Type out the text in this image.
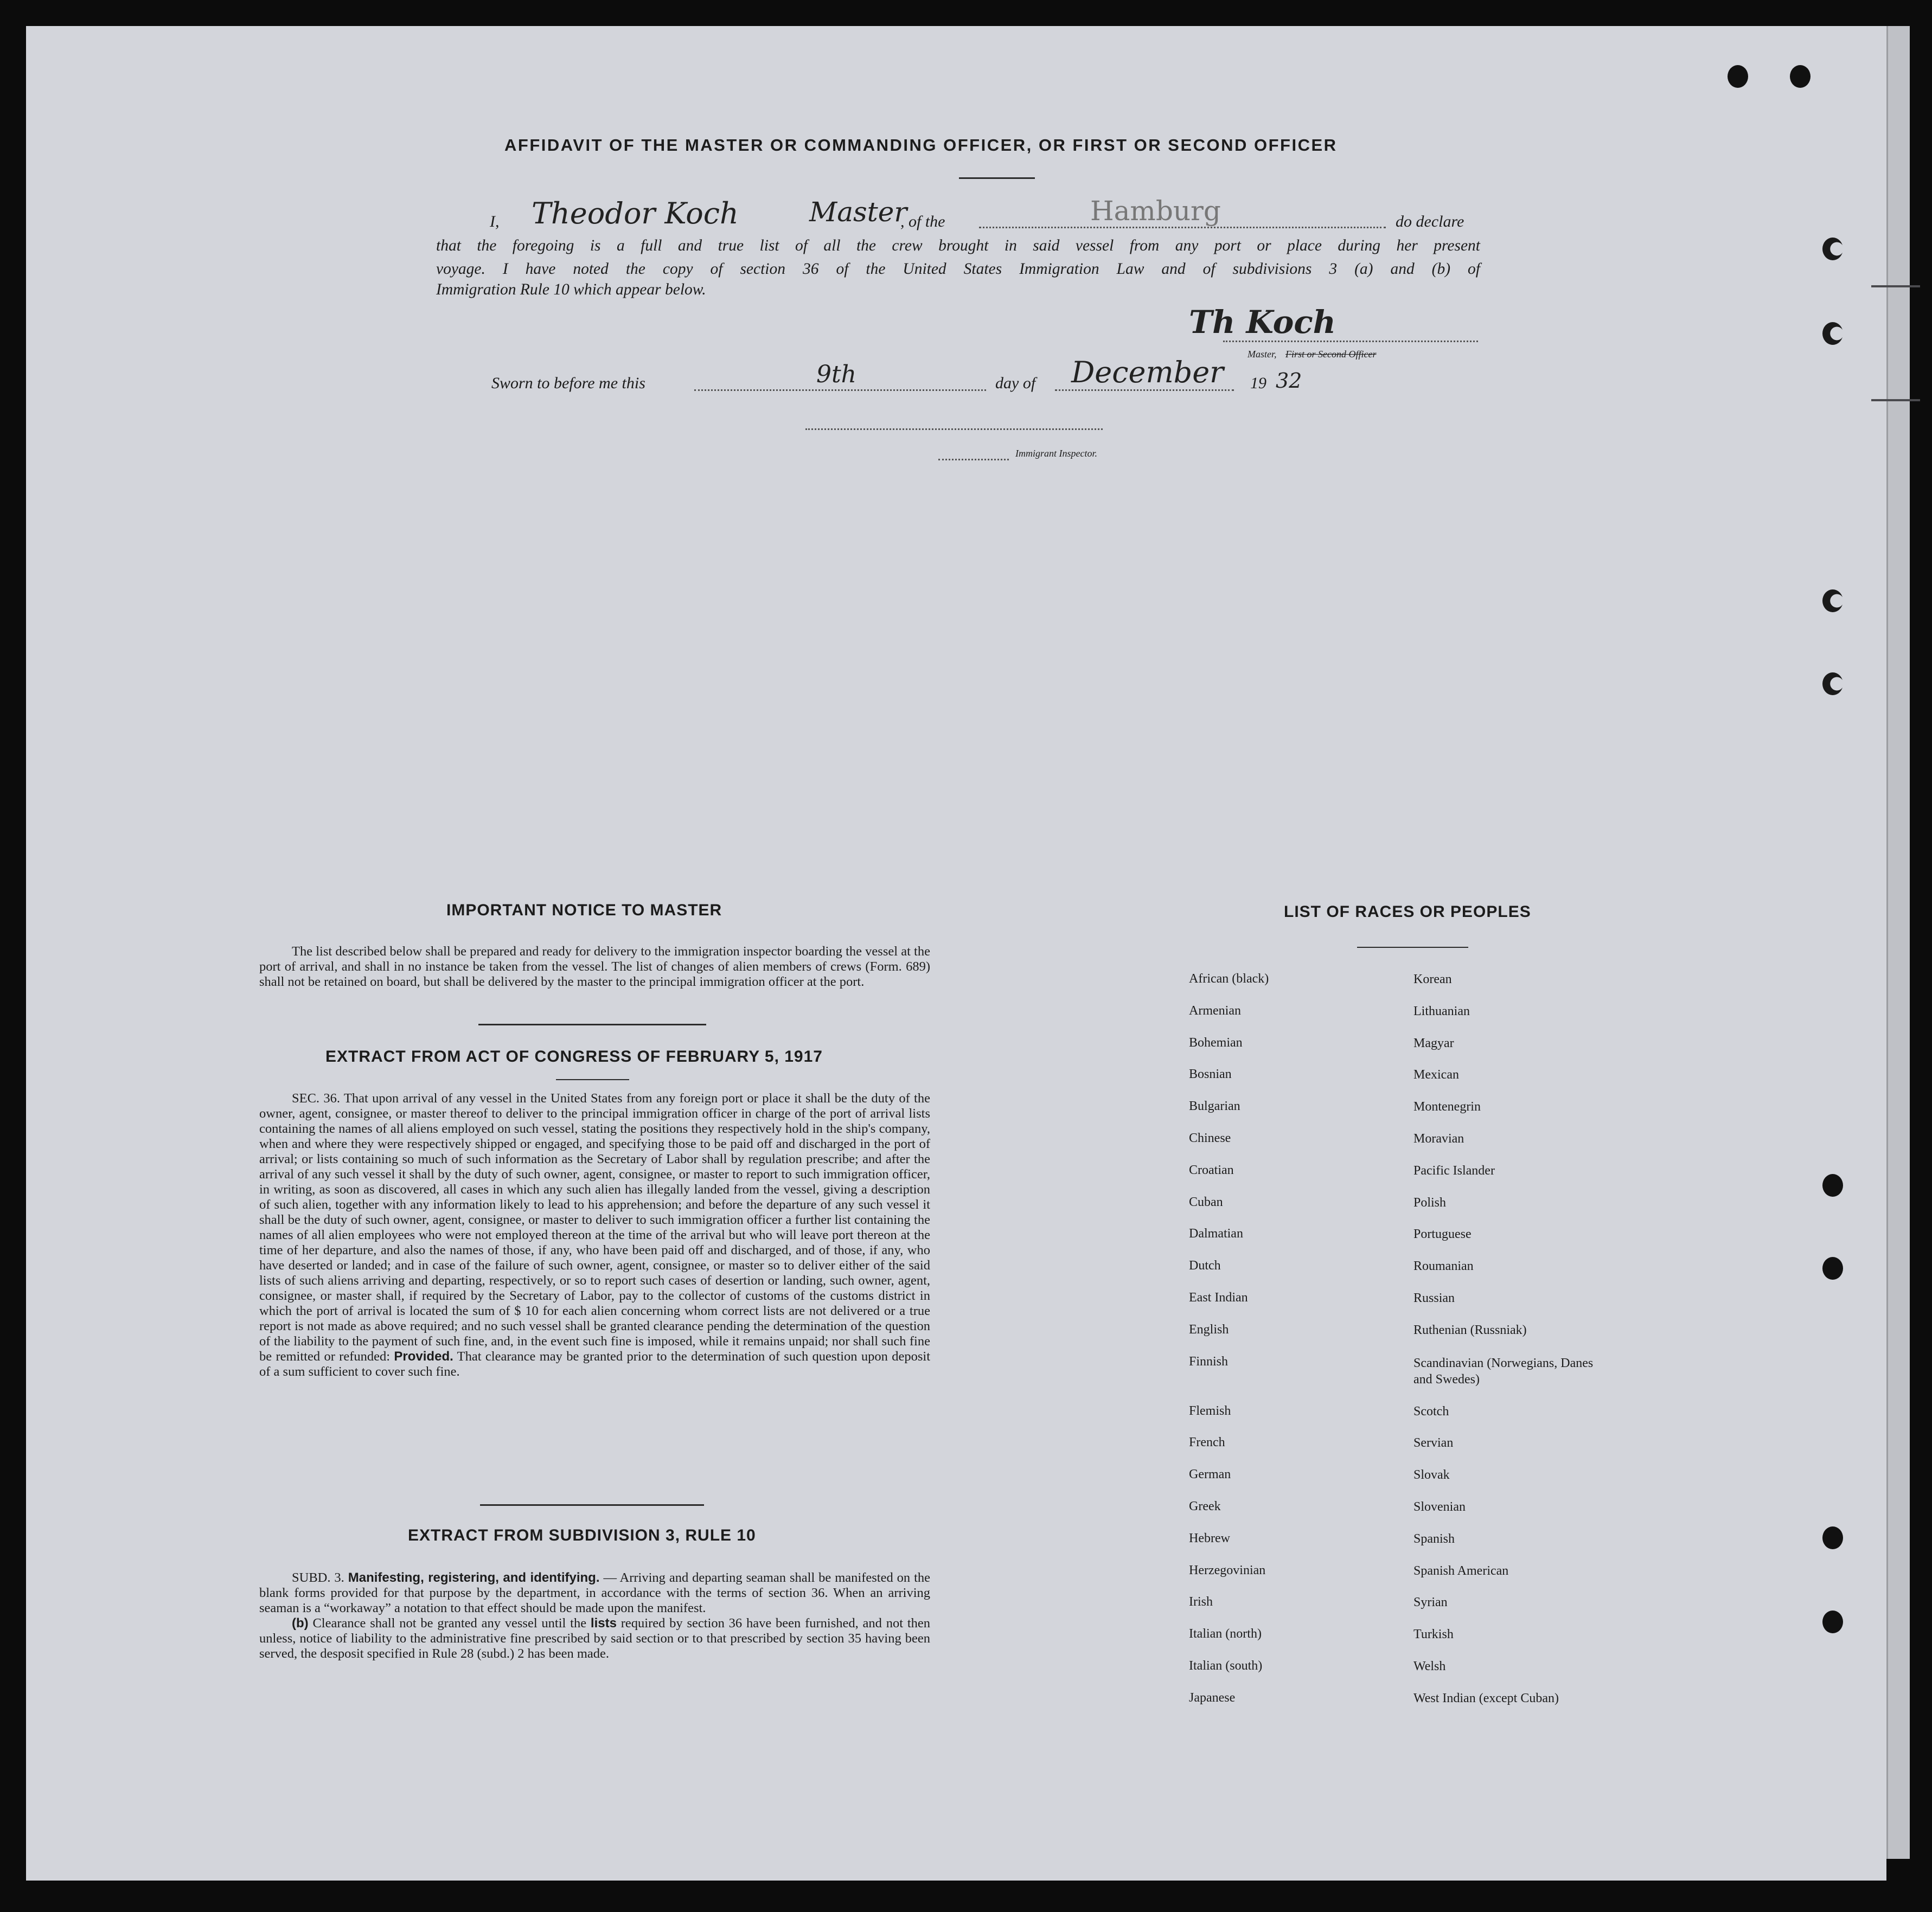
AFFIDAVIT OF THE MASTER OR COMMANDING OFFICER, OR FIRST OR SECOND OFFICER
I, Theodor Koch	Master
, of the	Hamburg	do declare
that the foregoing is a full and true list of all the crew brought in said vessel from any port or place during her present
voyage. I have noted the copy of section 36 of the United States Immigration Law and of subdivisions 3 (a) and (b) of
Immigration Rule 10 which appear below.
Th Koch
Master, First or Second Officer
Sworn to before me this	9th	day of December 19 32
Immigrant Inspector.
IMPORTANT NOTICE TO MASTER

The list described below shall be prepared and ready for delivery to the immigration inspector boarding the vessel at the port of arrival, and shall in no instance be taken from the vessel. The list of changes of alien members of crews (Form. 689) shall not be retained on board, but shall be delivered by the master to the principal immigration officer at the port.

EXTRACT FROM ACT OF CONGRESS OF FEBRUARY 5, 1917

SEC. 36. That upon arrival of any vessel in the United States from any foreign port or place it shall be the duty of the owner, agent, consignee, or master thereof to deliver to the principal immigration officer in charge of the port of arrival lists containing the names of all aliens employed on such vessel, stating the positions they respectively hold in the ship's company, when and where they were respectively shipped or engaged, and specifying those to be paid off and discharged in the port of arrival; or lists containing so much of such information as the Secretary of Labor shall by regulation prescribe; and after the arrival of any such vessel it shall by the duty of such owner, agent, consignee, or master to report to such immigration officer, in writing, as soon as discovered, all cases in which any such alien has illegally landed from the vessel, giving a description of such alien, together with any information likely to lead to his apprehension; and before the departure of any such vessel it shall be the duty of such owner, agent, consignee, or master to deliver to such immigration officer a further list containing the names of all alien employees who were not employed thereon at the time of the arrival but who will leave port thereon at the time of her departure, and also the names of those, if any, who have been paid off and discharged, and of those, if any, who have deserted or landed; and in case of the failure of such owner, agent, consignee, or master so to deliver either of the said lists of such aliens arriving and departing, respectively, or so to report such cases of desertion or landing, such owner, agent, consignee, or master shall, if required by the Secretary of Labor, pay to the collector of customs of the customs district in which the port of arrival is located the sum of $ 10 for each alien concerning whom correct lists are not delivered or a true report is not made as above required; and no such vessel shall be granted clearance pending the determination of the question of the liability to the payment of such fine, and, in the event such fine is imposed, while it remains unpaid; nor shall such fine be remitted or refunded: Provided. That clearance may be granted prior to the determination of such question upon deposit of a sum sufficient to cover such fine.

EXTRACT FROM SUBDIVISION 3, RULE 10

SUBD. 3. Manifesting, registering, and identifying. — Arriving and departing seaman shall be manifested on the blank forms provided for that purpose by the department, in accordance with the terms of section 36. When an arriving seaman is a “workaway” a notation to that effect should be made upon the manifest.

(b) Clearance shall not be granted any vessel until the lists required by section 36 have been furnished, and not then unless, notice of liability to the administrative fine prescribed by said section or to that prescribed by section 35 having been served, the desposit specified in Rule 28 (subd.) 2 has been made.

LIST OF RACES OR PEOPLES
African (black)
Armenian
Bohemian
Bosnian
Bulgarian
Chinese
Croatian
Cuban
Dalmatian
Dutch
East Indian
English
Finnish
Flemish
French
German
Greek
Hebrew
Herzegovinian
Irish
Italian (north)
Italian (south)
Japanese
Korean
Lithuanian
Magyar
Mexican
Montenegrin
Moravian
Pacific Islander
Polish
Portuguese
Roumanian
Russian
Ruthenian (Russniak)
Scandinavian (Norwegians, Danes and Swedes)
Scotch
Servian
Slovak
Slovenian
Spanish
Spanish American
Syrian
Turkish
Welsh
West Indian (except Cuban)
